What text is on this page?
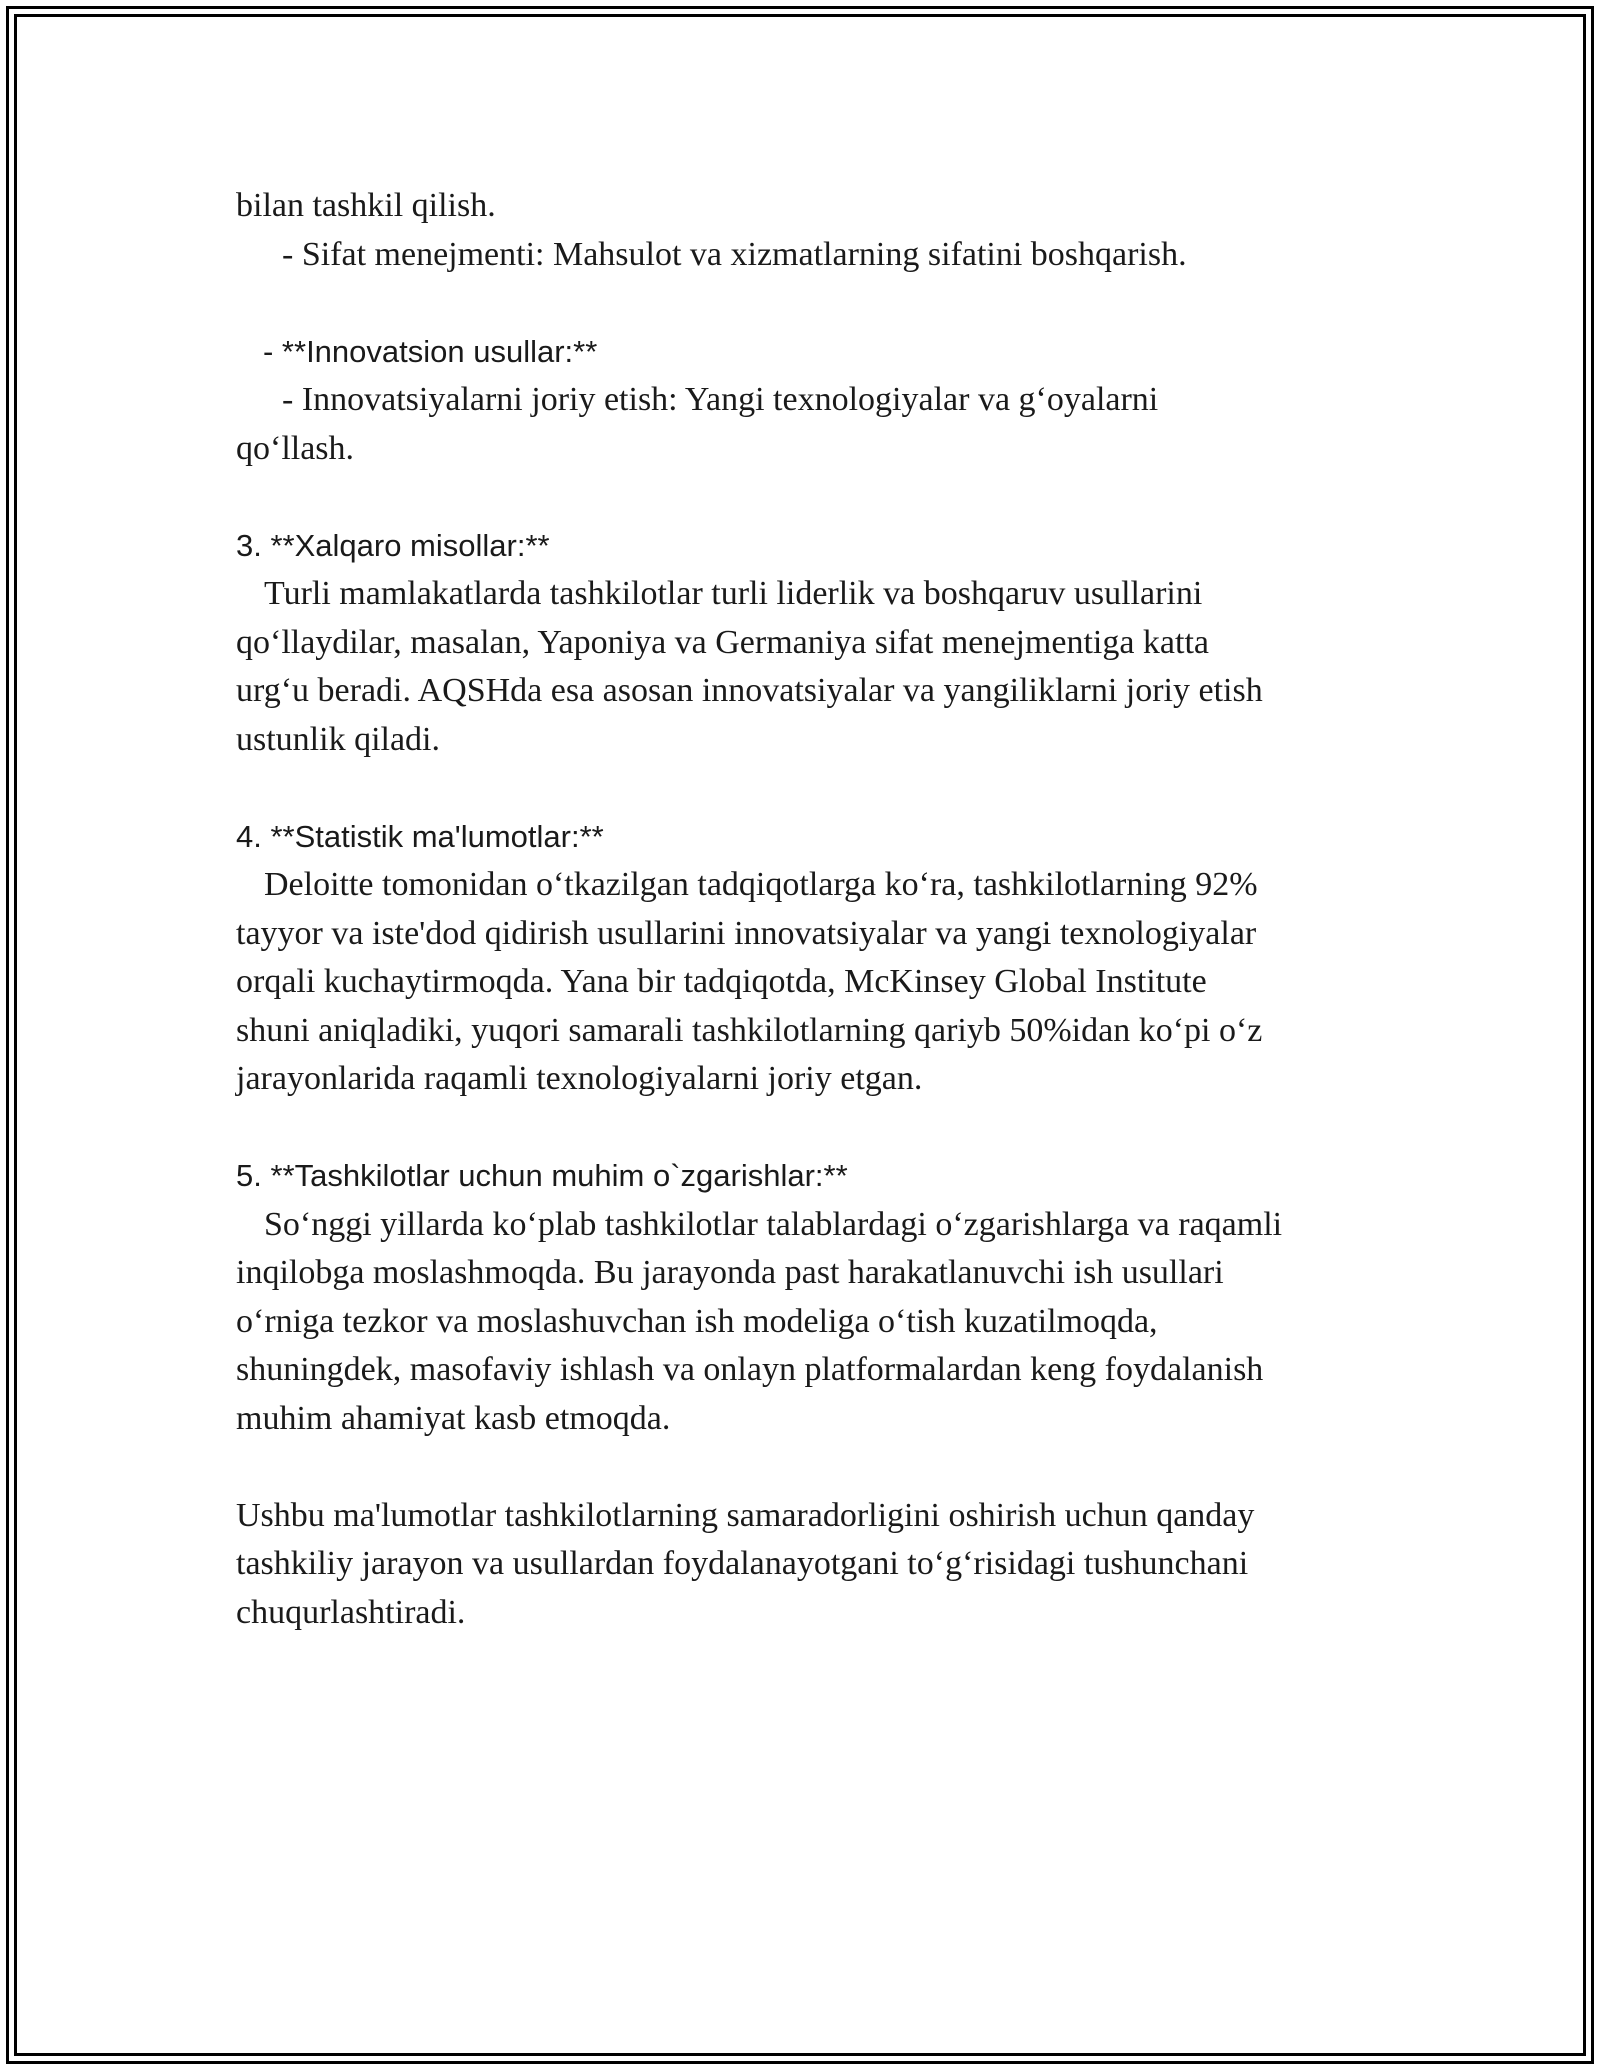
bilan tashkil qilish.
- Sifat menejmenti: Mahsulot va xizmatlarning sifatini boshqarish.
- **Innovatsion usullar:**
- Innovatsiyalarni joriy etish: Yangi texnologiyalar va g‘oyalarni
qo‘llash.
3. **Xalqaro misollar:**
Turli mamlakatlarda tashkilotlar turli liderlik va boshqaruv usullarini
qo‘llaydilar, masalan, Yaponiya va Germaniya sifat menejmentiga katta
urg‘u beradi. AQSHda esa asosan innovatsiyalar va yangiliklarni joriy etish
ustunlik qiladi.
4. **Statistik ma'lumotlar:**
Deloitte tomonidan o‘tkazilgan tadqiqotlarga ko‘ra, tashkilotlarning 92%
tayyor va iste'dod qidirish usullarini innovatsiyalar va yangi texnologiyalar
orqali kuchaytirmoqda. Yana bir tadqiqotda, McKinsey Global Institute
shuni aniqladiki, yuqori samarali tashkilotlarning qariyb 50%idan ko‘pi o‘z
jarayonlarida raqamli texnologiyalarni joriy etgan.
5. **Tashkilotlar uchun muhim o`zgarishlar:**
So‘nggi yillarda ko‘plab tashkilotlar talablardagi o‘zgarishlarga va raqamli
inqilobga moslashmoqda. Bu jarayonda past harakatlanuvchi ish usullari
o‘rniga tezkor va moslashuvchan ish modeliga o‘tish kuzatilmoqda,
shuningdek, masofaviy ishlash va onlayn platformalardan keng foydalanish
muhim ahamiyat kasb etmoqda.
Ushbu ma'lumotlar tashkilotlarning samaradorligini oshirish uchun qanday
tashkiliy jarayon va usullardan foydalanayotgani to‘g‘risidagi tushunchani
chuqurlashtiradi.
